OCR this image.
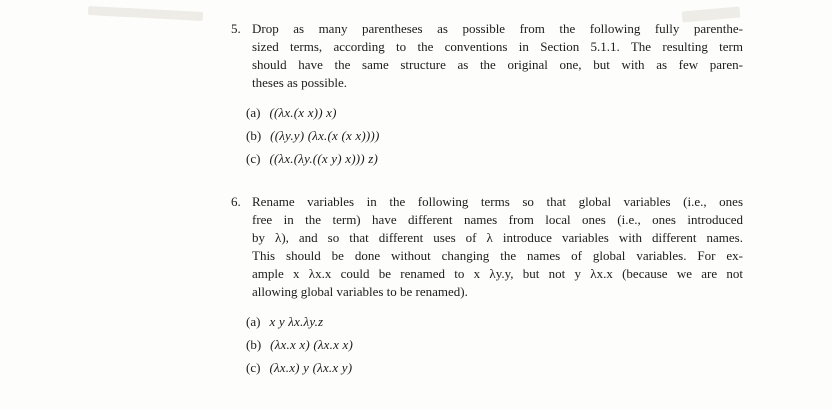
5. Drop as many parentheses as possible from the following fully parenthe-
sized terms, according to the conventions in Section 5.1.1. The resulting term
should have the same structure as the original one, but with as few paren-
theses as possible.
(a) ((λx.(x x)) x)
(b) ((λy.y) (λx.(x (x x))))
(c) ((λx.(λy.((x y) x))) z)
6. Rename variables in the following terms so that global variables (i.e., ones
free in the term) have different names from local ones (i.e., ones introduced
by λ), and so that different uses of λ introduce variables with different names.
This should be done without changing the names of global variables. For ex-
ample x λx.x could be renamed to x λy.y, but not y λx.x (because we are not
allowing global variables to be renamed).
(a) x y λx.λy.z
(b) (λx.x x) (λx.x x)
(c) (λx.x) y (λx.x y)
